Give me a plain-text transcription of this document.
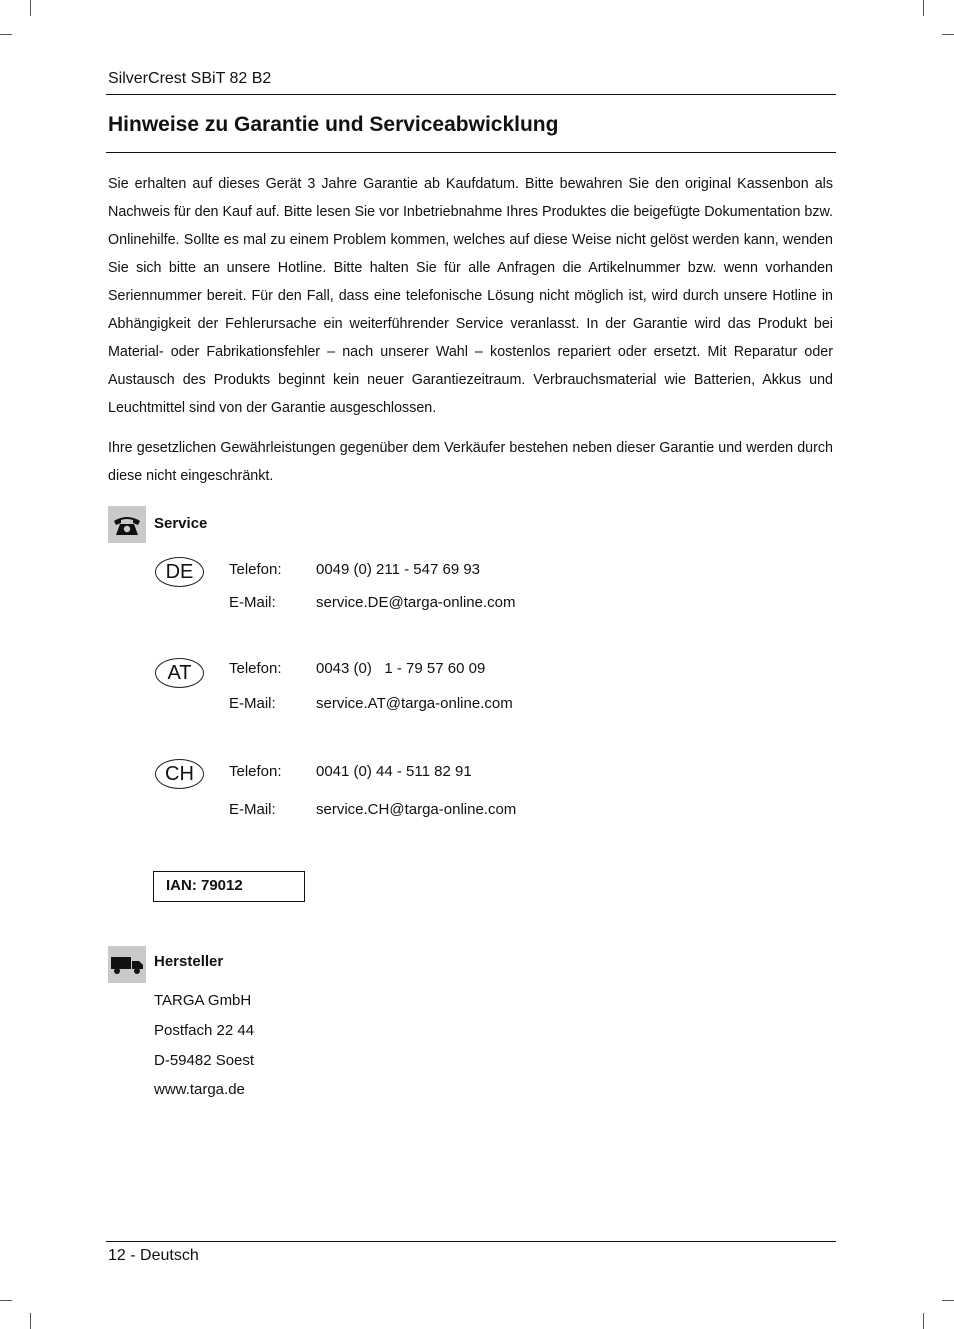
SilverCrest SBiT 82 B2
Hinweise zu Garantie und Serviceabwicklung

Sie erhalten auf dieses Gerät 3 Jahre Garantie ab Kaufdatum. Bitte bewahren Sie den original Kassenbon als Nachweis für den Kauf auf. Bitte lesen Sie vor Inbetriebnahme Ihres Produktes die beigefügte Dokumentation bzw. Onlinehilfe. Sollte es mal zu einem Problem kommen, welches auf diese Weise nicht gelöst werden kann, wenden Sie sich bitte an unsere Hotline. Bitte halten Sie für alle Anfragen die Artikelnummer bzw. wenn vorhanden Seriennummer bereit. Für den Fall, dass eine telefonische Lösung nicht möglich ist, wird durch unsere Hotline in Abhängigkeit der Fehlerursache ein weiterführender Service veranlasst. In der Garantie wird das Produkt bei Material- oder Fabrikationsfehler – nach unserer Wahl – kostenlos repariert oder ersetzt. Mit Reparatur oder Austausch des Produkts beginnt kein neuer Garantiezeitraum. Verbrauchsmaterial wie Batterien, Akkus und Leuchtmittel sind von der Garantie ausgeschlossen.

Ihre gesetzlichen Gewährleistungen gegenüber dem Verkäufer bestehen neben dieser Garantie und werden durch diese nicht eingeschränkt.

Service
DE	Telefon: 0049 (0) 211 - 547 69 93
E-Mail:	service.DE@targa-online.com
AT	Telefon: 0043 (0)   1 - 79 57 60 09
E-Mail:	service.AT@targa-online.com
CH	Telefon: 0041 (0) 44 - 511 82 91
E-Mail:	service.CH@targa-online.com
IAN: 79012
Hersteller
TARGA GmbH
Postfach 22 44
D-59482 Soest
www.targa.de
12 - Deutsch
